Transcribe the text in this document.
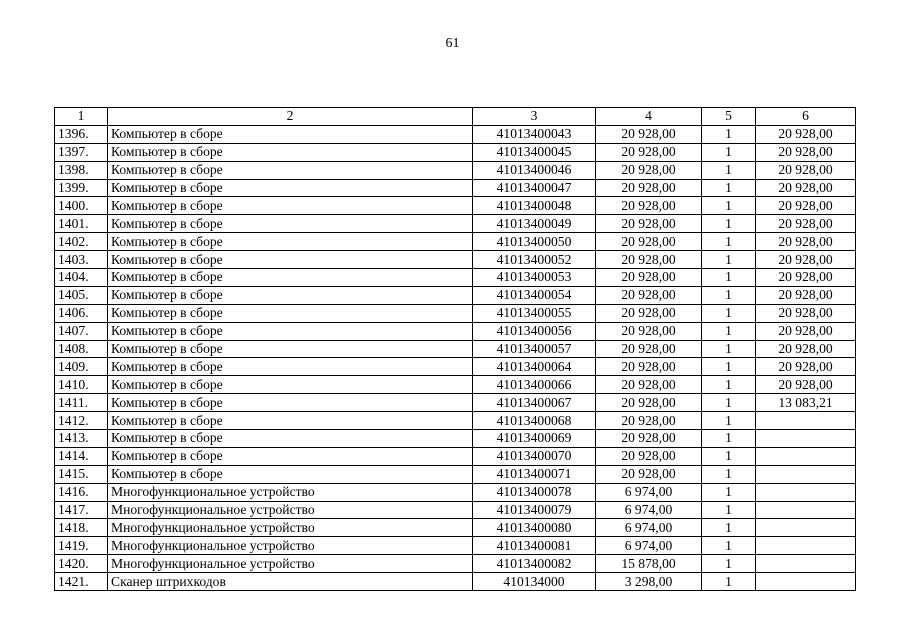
61
1	2	3	4	5	6
1396.	Компьютер в сборе	41013400043	20 928,00	1	20 928,00
1397.	Компьютер в сборе	41013400045	20 928,00	1	20 928,00
1398.	Компьютер в сборе	41013400046	20 928,00	1	20 928,00
1399.	Компьютер в сборе	41013400047	20 928,00	1	20 928,00
1400.	Компьютер в сборе	41013400048	20 928,00	1	20 928,00
1401.	Компьютер в сборе	41013400049	20 928,00	1	20 928,00
1402.	Компьютер в сборе	41013400050	20 928,00	1	20 928,00
1403.	Компьютер в сборе	41013400052	20 928,00	1	20 928,00
1404.	Компьютер в сборе	41013400053	20 928,00	1	20 928,00
1405.	Компьютер в сборе	41013400054	20 928,00	1	20 928,00
1406.	Компьютер в сборе	41013400055	20 928,00	1	20 928,00
1407.	Компьютер в сборе	41013400056	20 928,00	1	20 928,00
1408.	Компьютер в сборе	41013400057	20 928,00	1	20 928,00
1409.	Компьютер в сборе	41013400064	20 928,00	1	20 928,00
1410.	Компьютер в сборе	41013400066	20 928,00	1	20 928,00
1411.	Компьютер в сборе	41013400067	20 928,00	1	13 083,21
1412.	Компьютер в сборе	41013400068	20 928,00	1	
1413.	Компьютер в сборе	41013400069	20 928,00	1	
1414.	Компьютер в сборе	41013400070	20 928,00	1	
1415.	Компьютер в сборе	41013400071	20 928,00	1	
1416.	Многофункциональное устройство	41013400078	6 974,00	1	
1417.	Многофункциональное устройство	41013400079	6 974,00	1	
1418.	Многофункциональное устройство	41013400080	6 974,00	1	
1419.	Многофункциональное устройство	41013400081	6 974,00	1	
1420.	Многофункциональное устройство	41013400082	15 878,00	1	
1421.	Сканер штрихкодов	410134000	3 298,00	1	
